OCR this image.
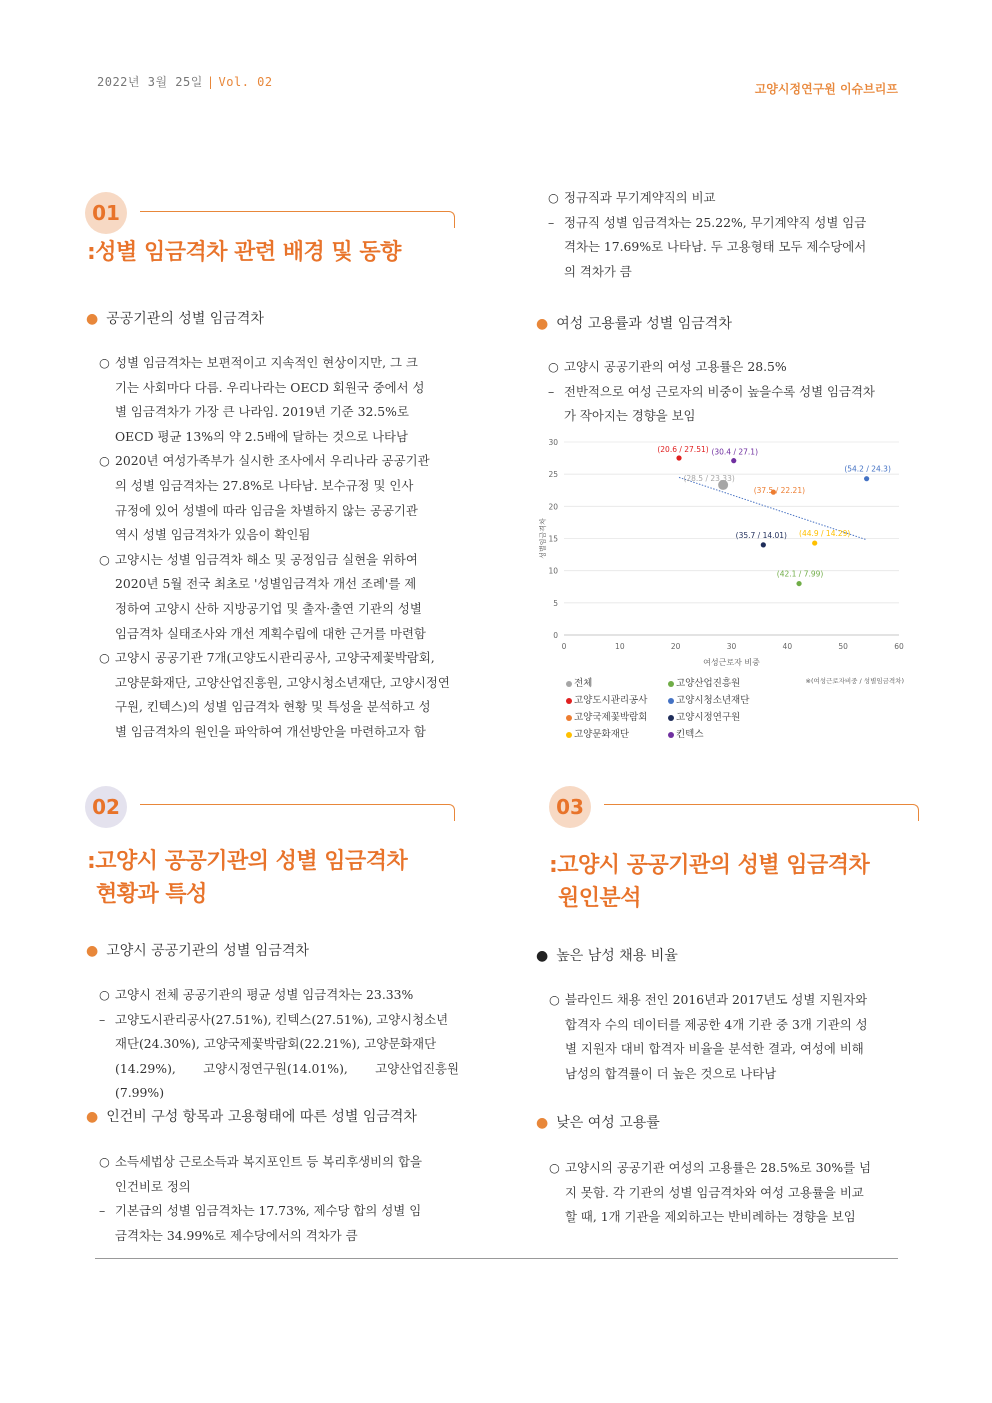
2022년 3월 25일 | Vol. 02	고양시정연구원 이슈브리프
01
:성별 임금격차 관련 배경 및 동향
● 공공기관의 성별 임금격차
○ 성별 임금격차는 보편적이고 지속적인 현상이지만, 그 크
기는 사회마다 다름. 우리나라는 OECD 회원국 중에서 성
별 임금격차가 가장 큰 나라임. 2019년 기준 32.5%로
OECD 평균 13%의 약 2.5배에 달하는 것으로 나타남
○ 2020년 여성가족부가 실시한 조사에서 우리나라 공공기관
의 성별 임금격차는 27.8%로 나타남. 보수규정 및 인사
규정에 있어 성별에 따라 임금을 차별하지 않는 공공기관
역시 성별 임금격차가 있음이 확인됨
○ 고양시는 성별 임금격차 해소 및 공정임금 실현을 위하여
2020년 5월 전국 최초로 '성별임금격차 개선 조례'를 제
정하여 고양시 산하 지방공기업 및 출자·출연 기관의 성별
임금격차 실태조사와 개선 계획수립에 대한 근거를 마련함
○ 고양시 공공기관 7개(고양도시관리공사, 고양국제꽃박람회,
고양문화재단, 고양산업진흥원, 고양시청소년재단, 고양시정연
구원, 킨텍스)의 성별 임금격차 현황 및 특성을 분석하고 성
별 임금격차의 원인을 파악하여 개선방안을 마련하고자 함
○ 정규직과 무기계약직의 비교
– 정규직 성별 임금격차는 25.22%, 무기계약직 성별 임금
격차는 17.69%로 나타남. 두 고용형태 모두 제수당에서
의 격차가 큼
● 여성 고용률과 성별 임금격차
○ 고양시 공공기관의 여성 고용률은 28.5%
– 전반적으로 여성 근로자의 비중이 높을수록 성별 임금격차
가 작아지는 경향을 보임
0
5
10
15
20
25
30
0	10	20	30	40	50	60
(28.5 / 23.33)
(20.6 / 27.51)
(37.5 / 22.21)
(44.9 / 14.29)
(42.1 / 7.99)
(54.2 / 24.3)
(35.7 / 14.01)
(30.4 / 27.1)
성별임금격차
여성근로자 비중
※(여성근로자비중 / 성별임금격차)
전체	고양산업진흥원
고양도시관리공사	고양시청소년재단
고양국제꽃박람회	고양시정연구원
고양문화재단	킨텍스
02
:고양시 공공기관의 성별 임금격차
현황과 특성
● 고양시 공공기관의 성별 임금격차
○ 고양시 전체 공공기관의 평균 성별 임금격차는 23.33%
– 고양도시관리공사(27.51%), 킨텍스(27.51%), 고양시청소년
재단(24.30%), 고양국제꽃박람회(22.21%), 고양문화재단
(14.29%), 고양시정연구원(14.01%), 고양산업진흥원(7.99%)
● 인건비 구성 항목과 고용형태에 따른 성별 임금격차
○ 소득세법상 근로소득과 복지포인트 등 복리후생비의 합을
인건비로 정의
– 기본급의 성별 임금격차는 17.73%, 제수당 합의 성별 임
금격차는 34.99%로 제수당에서의 격차가 큼
03
:고양시 공공기관의 성별 임금격차
원인분석
● 높은 남성 채용 비율
○ 블라인드 채용 전인 2016년과 2017년도 성별 지원자와
합격자 수의 데이터를 제공한 4개 기관 중 3개 기관의 성
별 지원자 대비 합격자 비율을 분석한 결과, 여성에 비해
남성의 합격률이 더 높은 것으로 나타남
● 낮은 여성 고용률
○ 고양시의 공공기관 여성의 고용률은 28.5%로 30%를 넘
지 못함. 각 기관의 성별 임금격차와 여성 고용률을 비교
할 때, 1개 기관을 제외하고는 반비례하는 경향을 보임
